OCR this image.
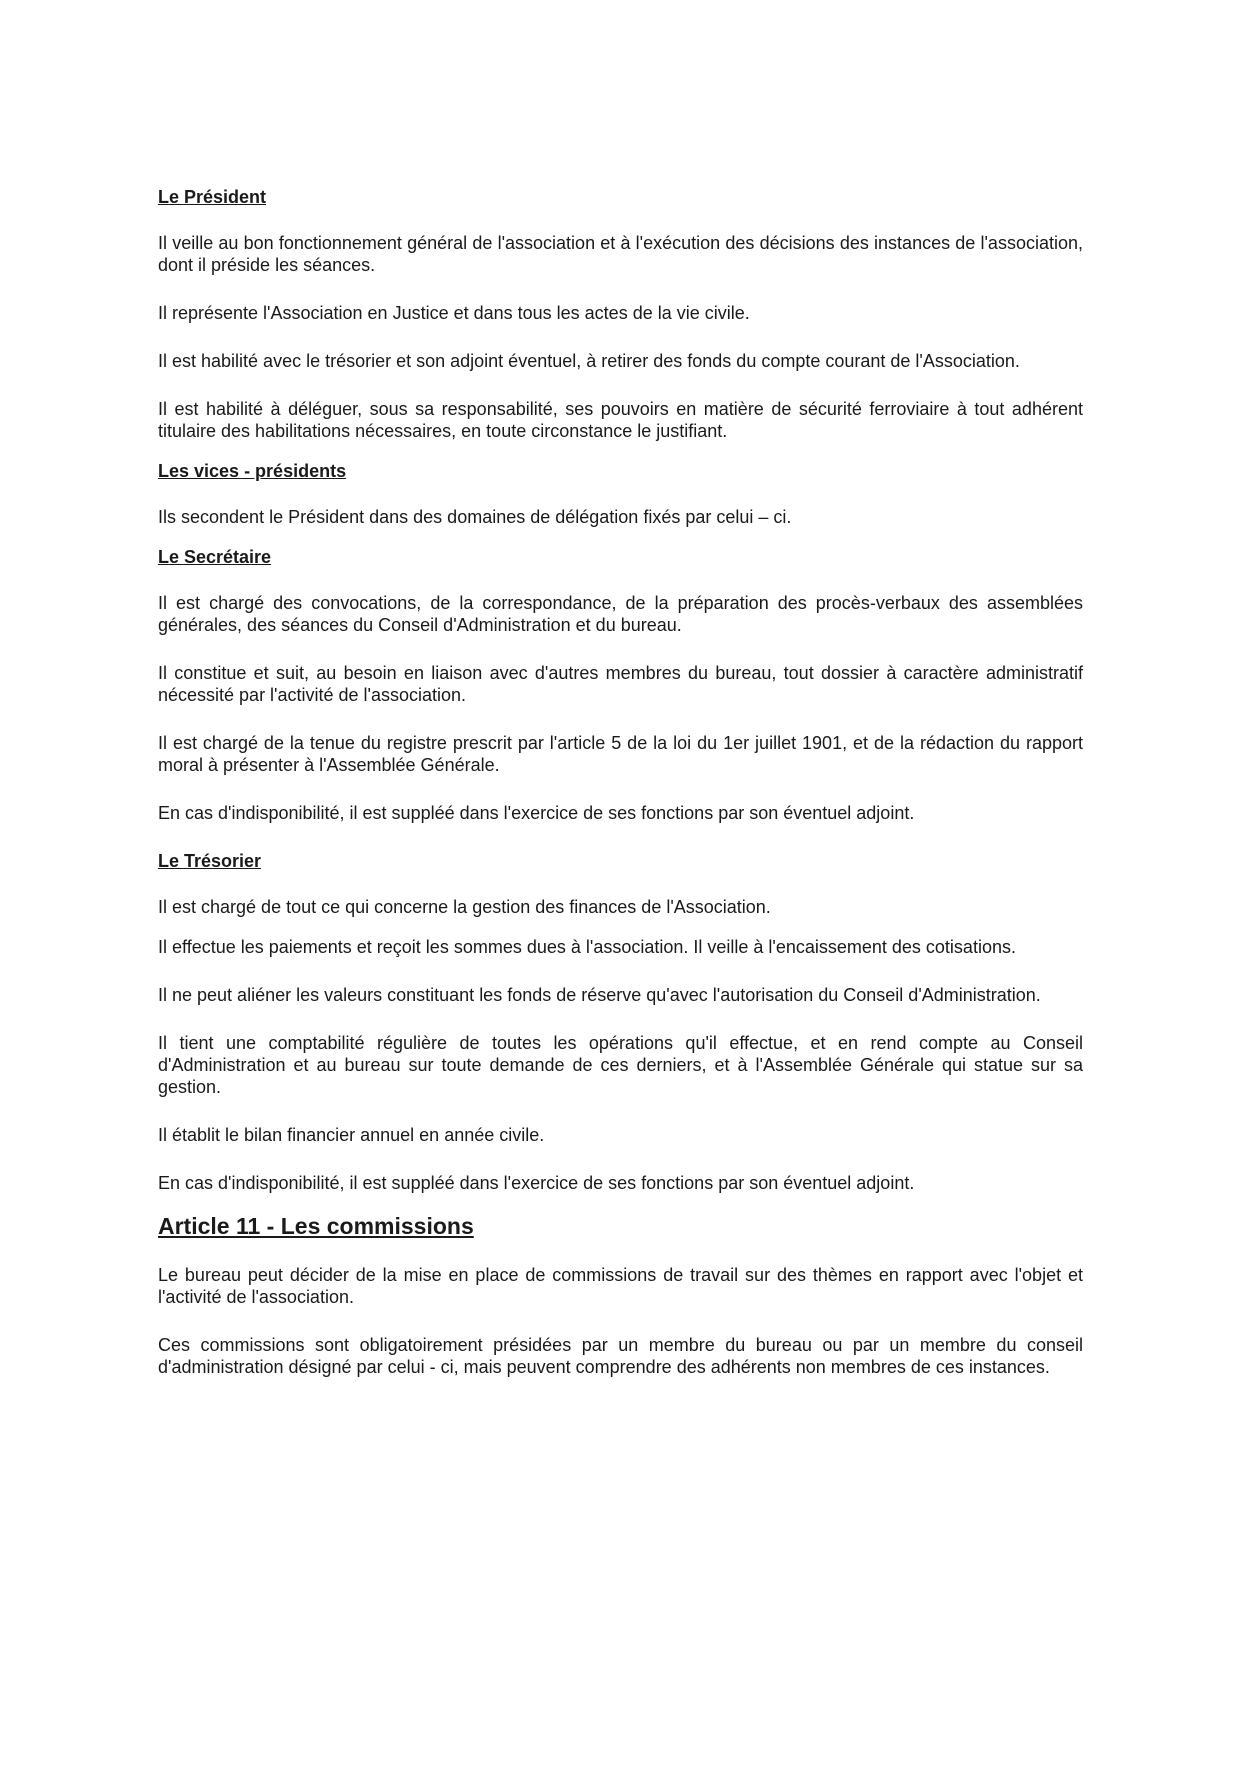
Le Président

Il veille au bon fonctionnement général de l'association et à l'exécution des décisions des instances de l'association, dont il préside les séances.

Il représente l'Association en Justice et dans tous les actes de la vie civile.

Il est habilité avec le trésorier et son adjoint éventuel, à retirer des fonds du compte courant de l'Association.

Il est habilité à déléguer, sous sa responsabilité, ses pouvoirs en matière de sécurité ferroviaire à tout adhérent titulaire des habilitations nécessaires, en toute circonstance le justifiant.

Les vices - présidents

Ils secondent le Président dans des domaines de délégation fixés par celui – ci.

Le Secrétaire

Il est chargé des convocations, de la correspondance, de la préparation des procès-verbaux des assemblées générales, des séances du Conseil d'Administration et du bureau.

Il constitue et suit, au besoin en liaison avec d'autres membres du bureau, tout dossier à caractère administratif nécessité par l'activité de l'association.

Il est chargé de la tenue du registre prescrit par l'article 5 de la loi du 1er juillet 1901, et de la rédaction du rapport moral à présenter à l'Assemblée Générale.

En cas d'indisponibilité, il est suppléé dans l'exercice de ses fonctions par son éventuel adjoint.

Le Trésorier

Il est chargé de tout ce qui concerne la gestion des finances de l'Association.

Il effectue les paiements et reçoit les sommes dues à l'association. Il veille à l'encaissement des cotisations.

Il ne peut aliéner les valeurs constituant les fonds de réserve qu'avec l'autorisation du Conseil d'Administration.

Il tient une comptabilité régulière de toutes les opérations qu'il effectue, et en rend compte au Conseil d'Administration et au bureau sur toute demande de ces derniers, et à l'Assemblée Générale qui statue sur sa gestion.

Il établit le bilan financier annuel en année civile.

En cas d'indisponibilité, il est suppléé dans l'exercice de ses fonctions par son éventuel adjoint.

Article 11 - Les commissions

Le bureau peut décider de la mise en place de commissions de travail sur des thèmes en rapport avec l'objet et l'activité de l'association.

Ces commissions sont obligatoirement présidées par un membre du bureau ou par un membre du conseil d'administration désigné par celui - ci, mais peuvent comprendre des adhérents non membres de ces instances.
